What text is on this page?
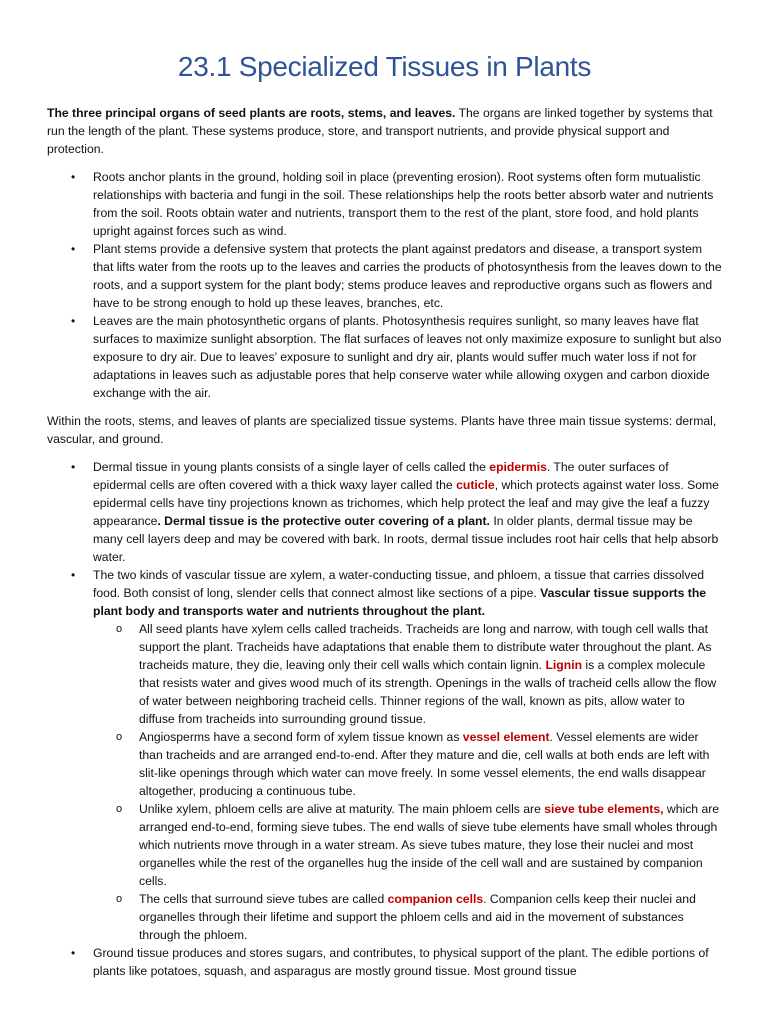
23.1 Specialized Tissues in Plants

The three principal organs of seed plants are roots, stems, and leaves. The organs are linked together by systems that run the length of the plant. These systems produce, store, and transport nutrients, and provide physical support and protection.

• Roots anchor plants in the ground, holding soil in place (preventing erosion). Root systems often form mutualistic relationships with bacteria and fungi in the soil. These relationships help the roots better absorb water and nutrients from the soil. Roots obtain water and nutrients, transport them to the rest of the plant, store food, and hold plants upright against forces such as wind.
• Plant stems provide a defensive system that protects the plant against predators and disease, a transport system that lifts water from the roots up to the leaves and carries the products of photosynthesis from the leaves down to the roots, and a support system for the plant body; stems produce leaves and reproductive organs such as flowers and have to be strong enough to hold up these leaves, branches, etc.
• Leaves are the main photosynthetic organs of plants. Photosynthesis requires sunlight, so many leaves have flat surfaces to maximize sunlight absorption. The flat surfaces of leaves not only maximize exposure to sunlight but also exposure to dry air. Due to leaves’ exposure to sunlight and dry air, plants would suffer much water loss if not for adaptations in leaves such as adjustable pores that help conserve water while allowing oxygen and carbon dioxide exchange with the air.

Within the roots, stems, and leaves of plants are specialized tissue systems. Plants have three main tissue systems: dermal, vascular, and ground.

• Dermal tissue in young plants consists of a single layer of cells called the epidermis. The outer surfaces of epidermal cells are often covered with a thick waxy layer called the cuticle, which protects against water loss. Some epidermal cells have tiny projections known as trichomes, which help protect the leaf and may give the leaf a fuzzy appearance. Dermal tissue is the protective outer covering of a plant. In older plants, dermal tissue may be many cell layers deep and may be covered with bark. In roots, dermal tissue includes root hair cells that help absorb water.
• The two kinds of vascular tissue are xylem, a water-conducting tissue, and phloem, a tissue that carries dissolved food. Both consist of long, slender cells that connect almost like sections of a pipe. Vascular tissue supports the plant body and transports water and nutrients throughout the plant.
o All seed plants have xylem cells called tracheids. Tracheids are long and narrow, with tough cell walls that support the plant. Tracheids have adaptations that enable them to distribute water throughout the plant. As tracheids mature, they die, leaving only their cell walls which contain lignin. Lignin is a complex molecule that resists water and gives wood much of its strength. Openings in the walls of tracheid cells allow the flow of water between neighboring tracheid cells. Thinner regions of the wall, known as pits, allow water to diffuse from tracheids into surrounding ground tissue.
o Angiosperms have a second form of xylem tissue known as vessel element. Vessel elements are wider than tracheids and are arranged end-to-end. After they mature and die, cell walls at both ends are left with slit-like openings through which water can move freely. In some vessel elements, the end walls disappear altogether, producing a continuous tube.
o Unlike xylem, phloem cells are alive at maturity. The main phloem cells are sieve tube elements, which are arranged end-to-end, forming sieve tubes. The end walls of sieve tube elements have small wholes through which nutrients move through in a water stream. As sieve tubes mature, they lose their nuclei and most organelles while the rest of the organelles hug the inside of the cell wall and are sustained by companion cells.
o The cells that surround sieve tubes are called companion cells. Companion cells keep their nuclei and organelles through their lifetime and support the phloem cells and aid in the movement of substances through the phloem.
• Ground tissue produces and stores sugars, and contributes, to physical support of the plant. The edible portions of plants like potatoes, squash, and asparagus are mostly ground tissue. Most ground tissue
